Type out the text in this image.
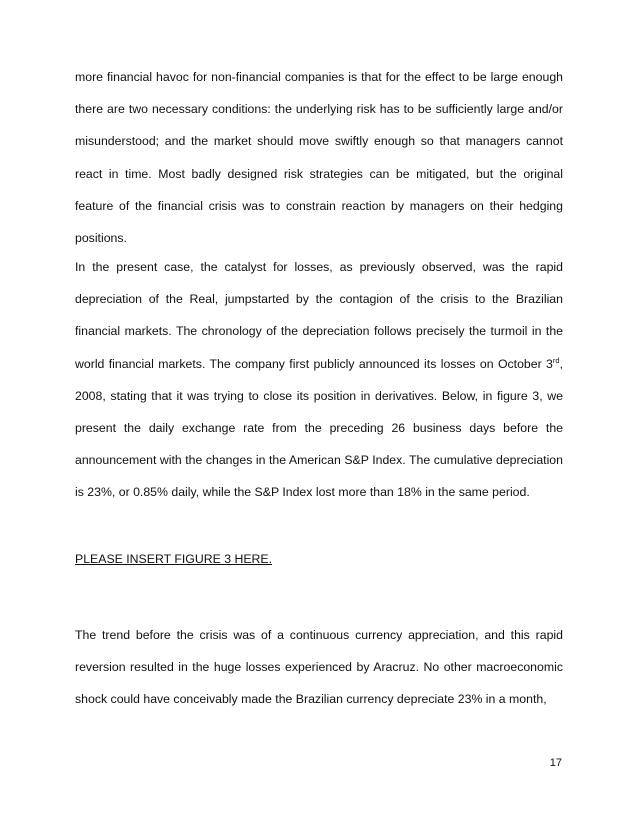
more financial havoc for non-financial companies is that for the effect to be large enough there are two necessary conditions: the underlying risk has to be sufficiently large and/or misunderstood; and the market should move swiftly enough so that managers cannot react in time. Most badly designed risk strategies can be mitigated, but the original feature of the financial crisis was to constrain reaction by managers on their hedging positions.

In the present case, the catalyst for losses, as previously observed, was the rapid depreciation of the Real, jumpstarted by the contagion of the crisis to the Brazilian financial markets. The chronology of the depreciation follows precisely the turmoil in the world financial markets. The company first publicly announced its losses on October 3rd, 2008, stating that it was trying to close its position in derivatives. Below, in figure 3, we present the daily exchange rate from the preceding 26 business days before the announcement with the changes in the American S&P Index. The cumulative depreciation is 23%, or 0.85% daily, while the S&P Index lost more than 18% in the same period.

PLEASE INSERT FIGURE 3 HERE.

The trend before the crisis was of a continuous currency appreciation, and this rapid reversion resulted in the huge losses experienced by Aracruz. No other macroeconomic shock could have conceivably made the Brazilian currency depreciate 23% in a month,

17
